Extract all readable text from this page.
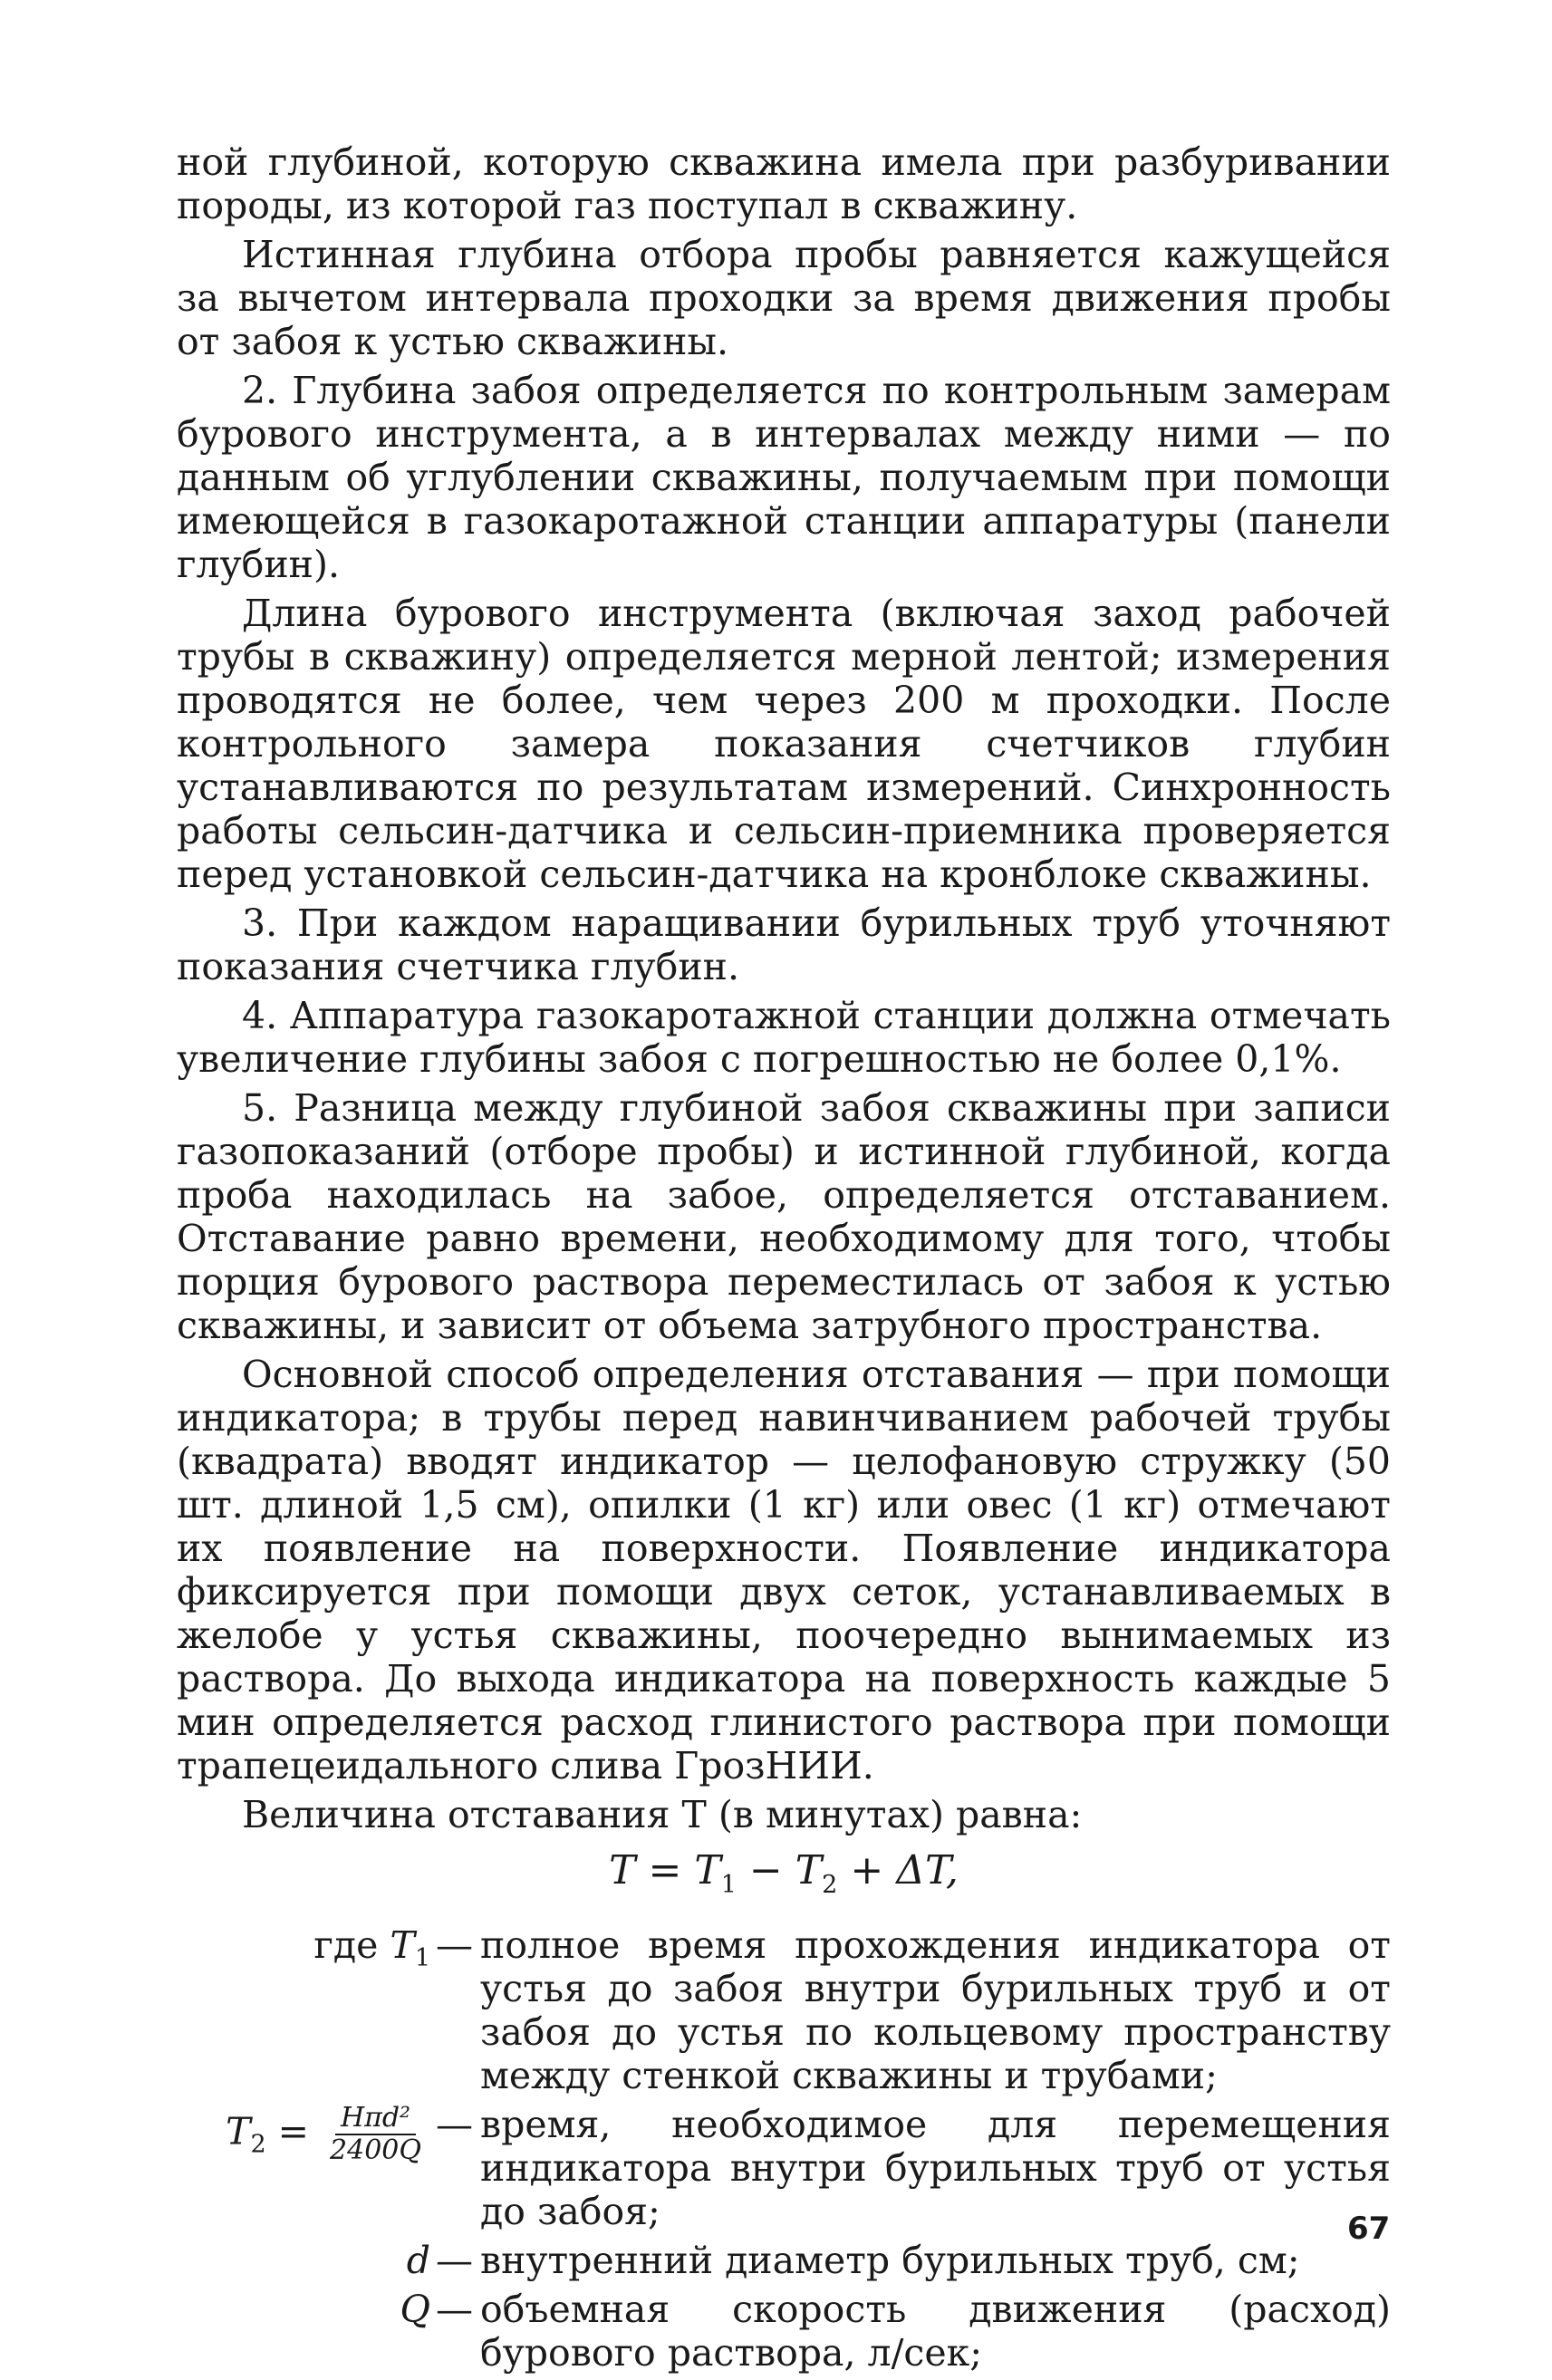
ной глубиной, которую скважина имела при разбуривании породы, из которой газ поступал в скважину.

Истинная глубина отбора пробы равняется кажущейся за вычетом интервала проходки за время движения пробы от забоя к устью скважины.

2. Глубина забоя определяется по контрольным замерам бурового инструмента, а в интервалах между ними — по данным об углублении скважины, получаемым при помощи имеющейся в газокаротажной станции аппаратуры (панели глубин).

Длина бурового инструмента (включая заход рабочей трубы в скважину) определяется мерной лентой; измерения проводятся не более, чем через 200 м проходки. После контрольного замера показания счетчиков глубин устанавливаются по результатам измерений. Синхронность работы сельсин-датчика и сельсин-приемника проверяется перед установкой сельсин-датчика на кронблоке скважины.

3. При каждом наращивании бурильных труб уточняют показания счетчика глубин.

4. Аппаратура газокаротажной станции должна отмечать увеличение глубины забоя с погрешностью не более 0,1%.

5. Разница между глубиной забоя скважины при записи газопоказаний (отборе пробы) и истинной глубиной, когда проба находилась на забое, определяется отставанием. Отставание равно времени, необходимому для того, чтобы порция бурового раствора переместилась от забоя к устью скважины, и зависит от объема затрубного пространства.

Основной способ определения отставания — при помощи индикатора; в трубы перед навинчиванием рабочей трубы (квадрата) вводят индикатор — целофановую стружку (50 шт. длиной 1,5 см), опилки (1 кг) или овес (1 кг) отмечают их появление на поверхности. Появление индикатора фиксируется при помощи двух сеток, устанавливаемых в желобе у устья скважины, поочередно вынимаемых из раствора. До выхода индикатора на поверхность каждые 5 мин определяется расход глинистого раствора при помощи трапецеидального слива ГрозНИИ.

Величина отставания T (в минутах) равна:

$T = T_1 - T_2 + \Delta T$,
где $T_1$ — полное время прохождения индикатора от устья до забоя внутри бурильных труб и от забоя до устья по кольцевому пространству между стенкой скважины и трубами;
$T_2 = \frac{\text{Hπd²}}{2400Q}$ — время, необходимое для перемещения индикатора внутри бурильных труб от устья до забоя;
d — внутренний диаметр бурильных труб, см;
Q — объемная скорость движения (расход) бурового раствора, л/сек;
67
